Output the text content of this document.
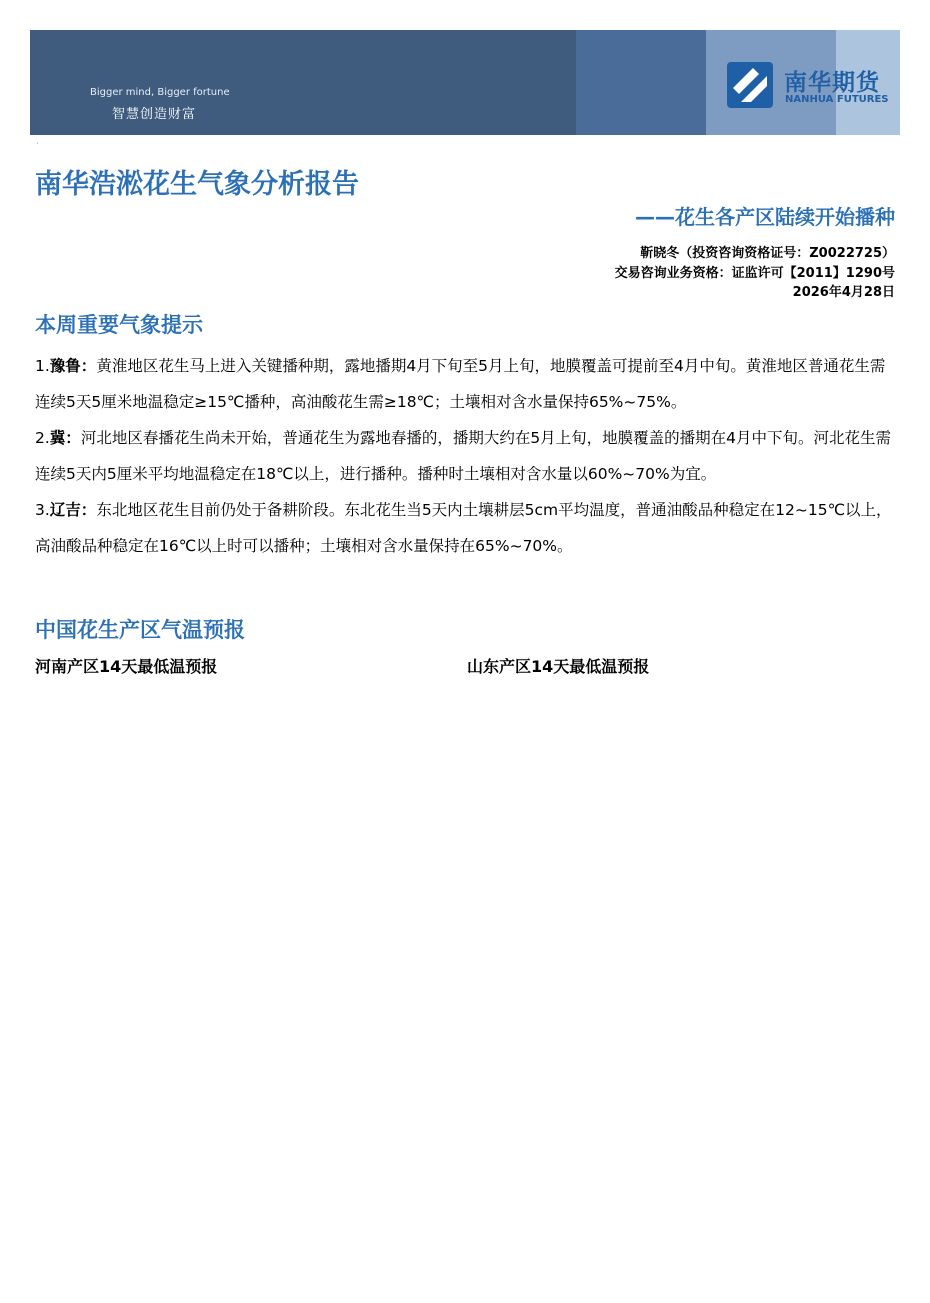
Bigger mind, Bigger fortune
智慧创造财富
南华期货
NANHUA FUTURES
·
南华浩淞花生气象分析报告
——花生各产区陆续开始播种
靳晓冬（投资咨询资格证号：Z0022725）
交易咨询业务资格：证监许可【2011】1290号
2026年4月28日
本周重要气象提示

1.豫鲁：黄淮地区花生马上进入关键播种期，露地播期4月下旬至5月上旬，地膜覆盖可提前至4月中旬。黄淮地区普通花生需连续5天5厘米地温稳定≥15℃播种，高油酸花生需≥18℃；土壤相对含水量保持65%~75%。

2.冀：河北地区春播花生尚未开始，普通花生为露地春播的，播期大约在5月上旬，地膜覆盖的播期在4月中下旬。河北花生需连续5天内5厘米平均地温稳定在18℃以上，进行播种。播种时土壤相对含水量以60%~70%为宜。

3.辽吉：东北地区花生目前仍处于备耕阶段。东北花生当5天内土壤耕层5cm平均温度，普通油酸品种稳定在12~15℃以上，高油酸品种稳定在16℃以上时可以播种；土壤相对含水量保持在65%~70%。

中国花生产区气温预报
河南产区14天最低温预报	山东产区14天最低温预报
